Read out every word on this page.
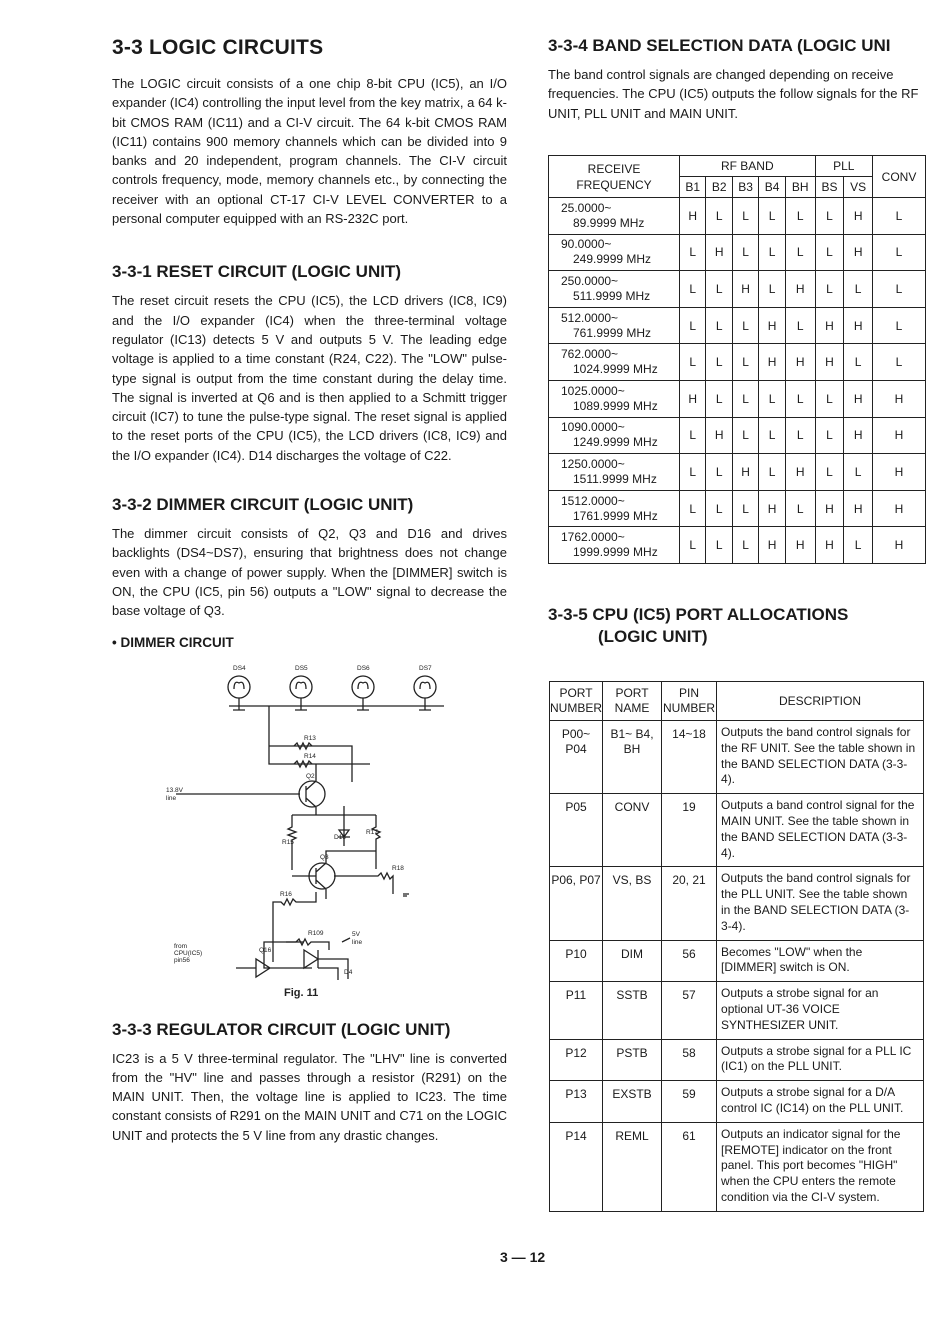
3-3 LOGIC CIRCUITS

The LOGIC circuit consists of a one chip 8-bit CPU (IC5), an I/O expander (IC4) controlling the input level from the key matrix, a 64 k-bit CMOS RAM (IC11) and a CI-V circuit. The 64 k-bit CMOS RAM (IC11) contains 900 memory channels which can be divided into 9 banks and 20 independent, program channels. The CI-V circuit controls frequency, mode, memory channels etc., by connecting the receiver with an optional CT-17 CI-V LEVEL CONVERTER to a personal computer equipped with an RS-232C port.

3-3-1 RESET CIRCUIT (LOGIC UNIT)

The reset circuit resets the CPU (IC5), the LCD drivers (IC8, IC9) and the I/O expander (IC4) when the three-terminal voltage regulator (IC13) detects 5 V and outputs 5 V. The leading edge voltage is applied to a time constant (R24, C22). The "LOW" pulse-type signal is output from the time constant during the delay time. The signal is inverted at Q6 and is then applied to a Schmitt trigger circuit (IC7) to tune the pulse-type signal. The reset signal is applied to the reset ports of the CPU (IC5), the LCD drivers (IC8, IC9) and the I/O expander (IC4). D14 discharges the voltage of C22.

3-3-2 DIMMER CIRCUIT (LOGIC UNIT)

The dimmer circuit consists of Q2, Q3 and D16 and drives backlights (DS4~DS7), ensuring that brightness does not change even with a change of power supply. When the [DIMMER] switch is ON, the CPU (IC5, pin 56) outputs a "LOW" signal to decrease the base voltage of Q3.

• DIMMER CIRCUIT
DS4	DS5	DS6	DS7
R13
R14
Q2
13.8V
line
R15
D16
R17
Q3
R18
R16
R109	5V
line
from
CPU(IC5)
pin56
Q16
D4
Fig. 11
3-3-3 REGULATOR CIRCUIT (LOGIC UNIT)

IC23 is a 5 V three-terminal regulator. The "LHV" line is converted from the "HV" line and passes through a resistor (R291) on the MAIN UNIT. Then, the voltage line is applied to IC23. The time constant consists of R291 on the MAIN UNIT and C71 on the LOGIC UNIT and protects the 5 V line from any drastic changes.

3-3-4 BAND SELECTION DATA (LOGIC UNI

The band control signals are changed depending on receive frequencies. The CPU (IC5) outputs the follow signals for the RF UNIT, PLL UNIT and MAIN UNIT.

RECEIVE
FREQUENCY	RF BAND					PLL		CONV
	B1	B2	B3	B4	BH	BS	VS	

25.0000~
89.9999 MHz	H	L	L	L	L	L	H	L

90.0000~
249.9999 MHz	L	H	L	L	L	L	H	L

250.0000~
511.9999 MHz	L	L	H	L	H	L	L	L

512.0000~
761.9999 MHz	L	L	L	H	L	H	H	L

762.0000~
1024.9999 MHz	L	L	L	H	H	H	L	L

1025.0000~
1089.9999 MHz	H	L	L	L	L	L	H	H

1090.0000~
1249.9999 MHz	L	H	L	L	L	L	H	H

1250.0000~
1511.9999 MHz	L	L	H	L	H	L	L	H

1512.0000~
1761.9999 MHz	L	L	L	H	L	H	H	H

1762.0000~
1999.9999 MHz	L	L	L	H	H	H	L	H
3-3-5 CPU (IC5) PORT ALLOCATIONS
(LOGIC UNIT)
PORT
NUMBER	PORT
NAME	PIN
NUMBER	DESCRIPTION
P00~ P04	B1~ B4, BH	14~18	Outputs the band control signals for the RF UNIT. See the table shown in the BAND SELECTION DATA (3-3-4).
P05	CONV	19	Outputs a band control signal for the MAIN UNIT. See the table shown in the BAND SELECTION DATA (3-3-4).
P06, P07	VS, BS	20, 21	Outputs the band control signals for the PLL UNIT. See the table shown in the BAND SELECTION DATA (3-3-4).
P10	DIM	56	Becomes "LOW" when the [DIMMER] switch is ON.
P11	SSTB	57	Outputs a strobe signal for an optional UT-36 VOICE SYNTHESIZER UNIT.
P12	PSTB	58	Outputs a strobe signal for a PLL IC (IC1) on the PLL UNIT.
P13	EXSTB	59	Outputs a strobe signal for a D/A control IC (IC14) on the PLL UNIT.
P14	REML	61	Outputs an indicator signal for the [REMOTE] indicator on the front panel. This port becomes "HIGH" when the CPU enters the remote condition via the CI-V system.
3 — 12
